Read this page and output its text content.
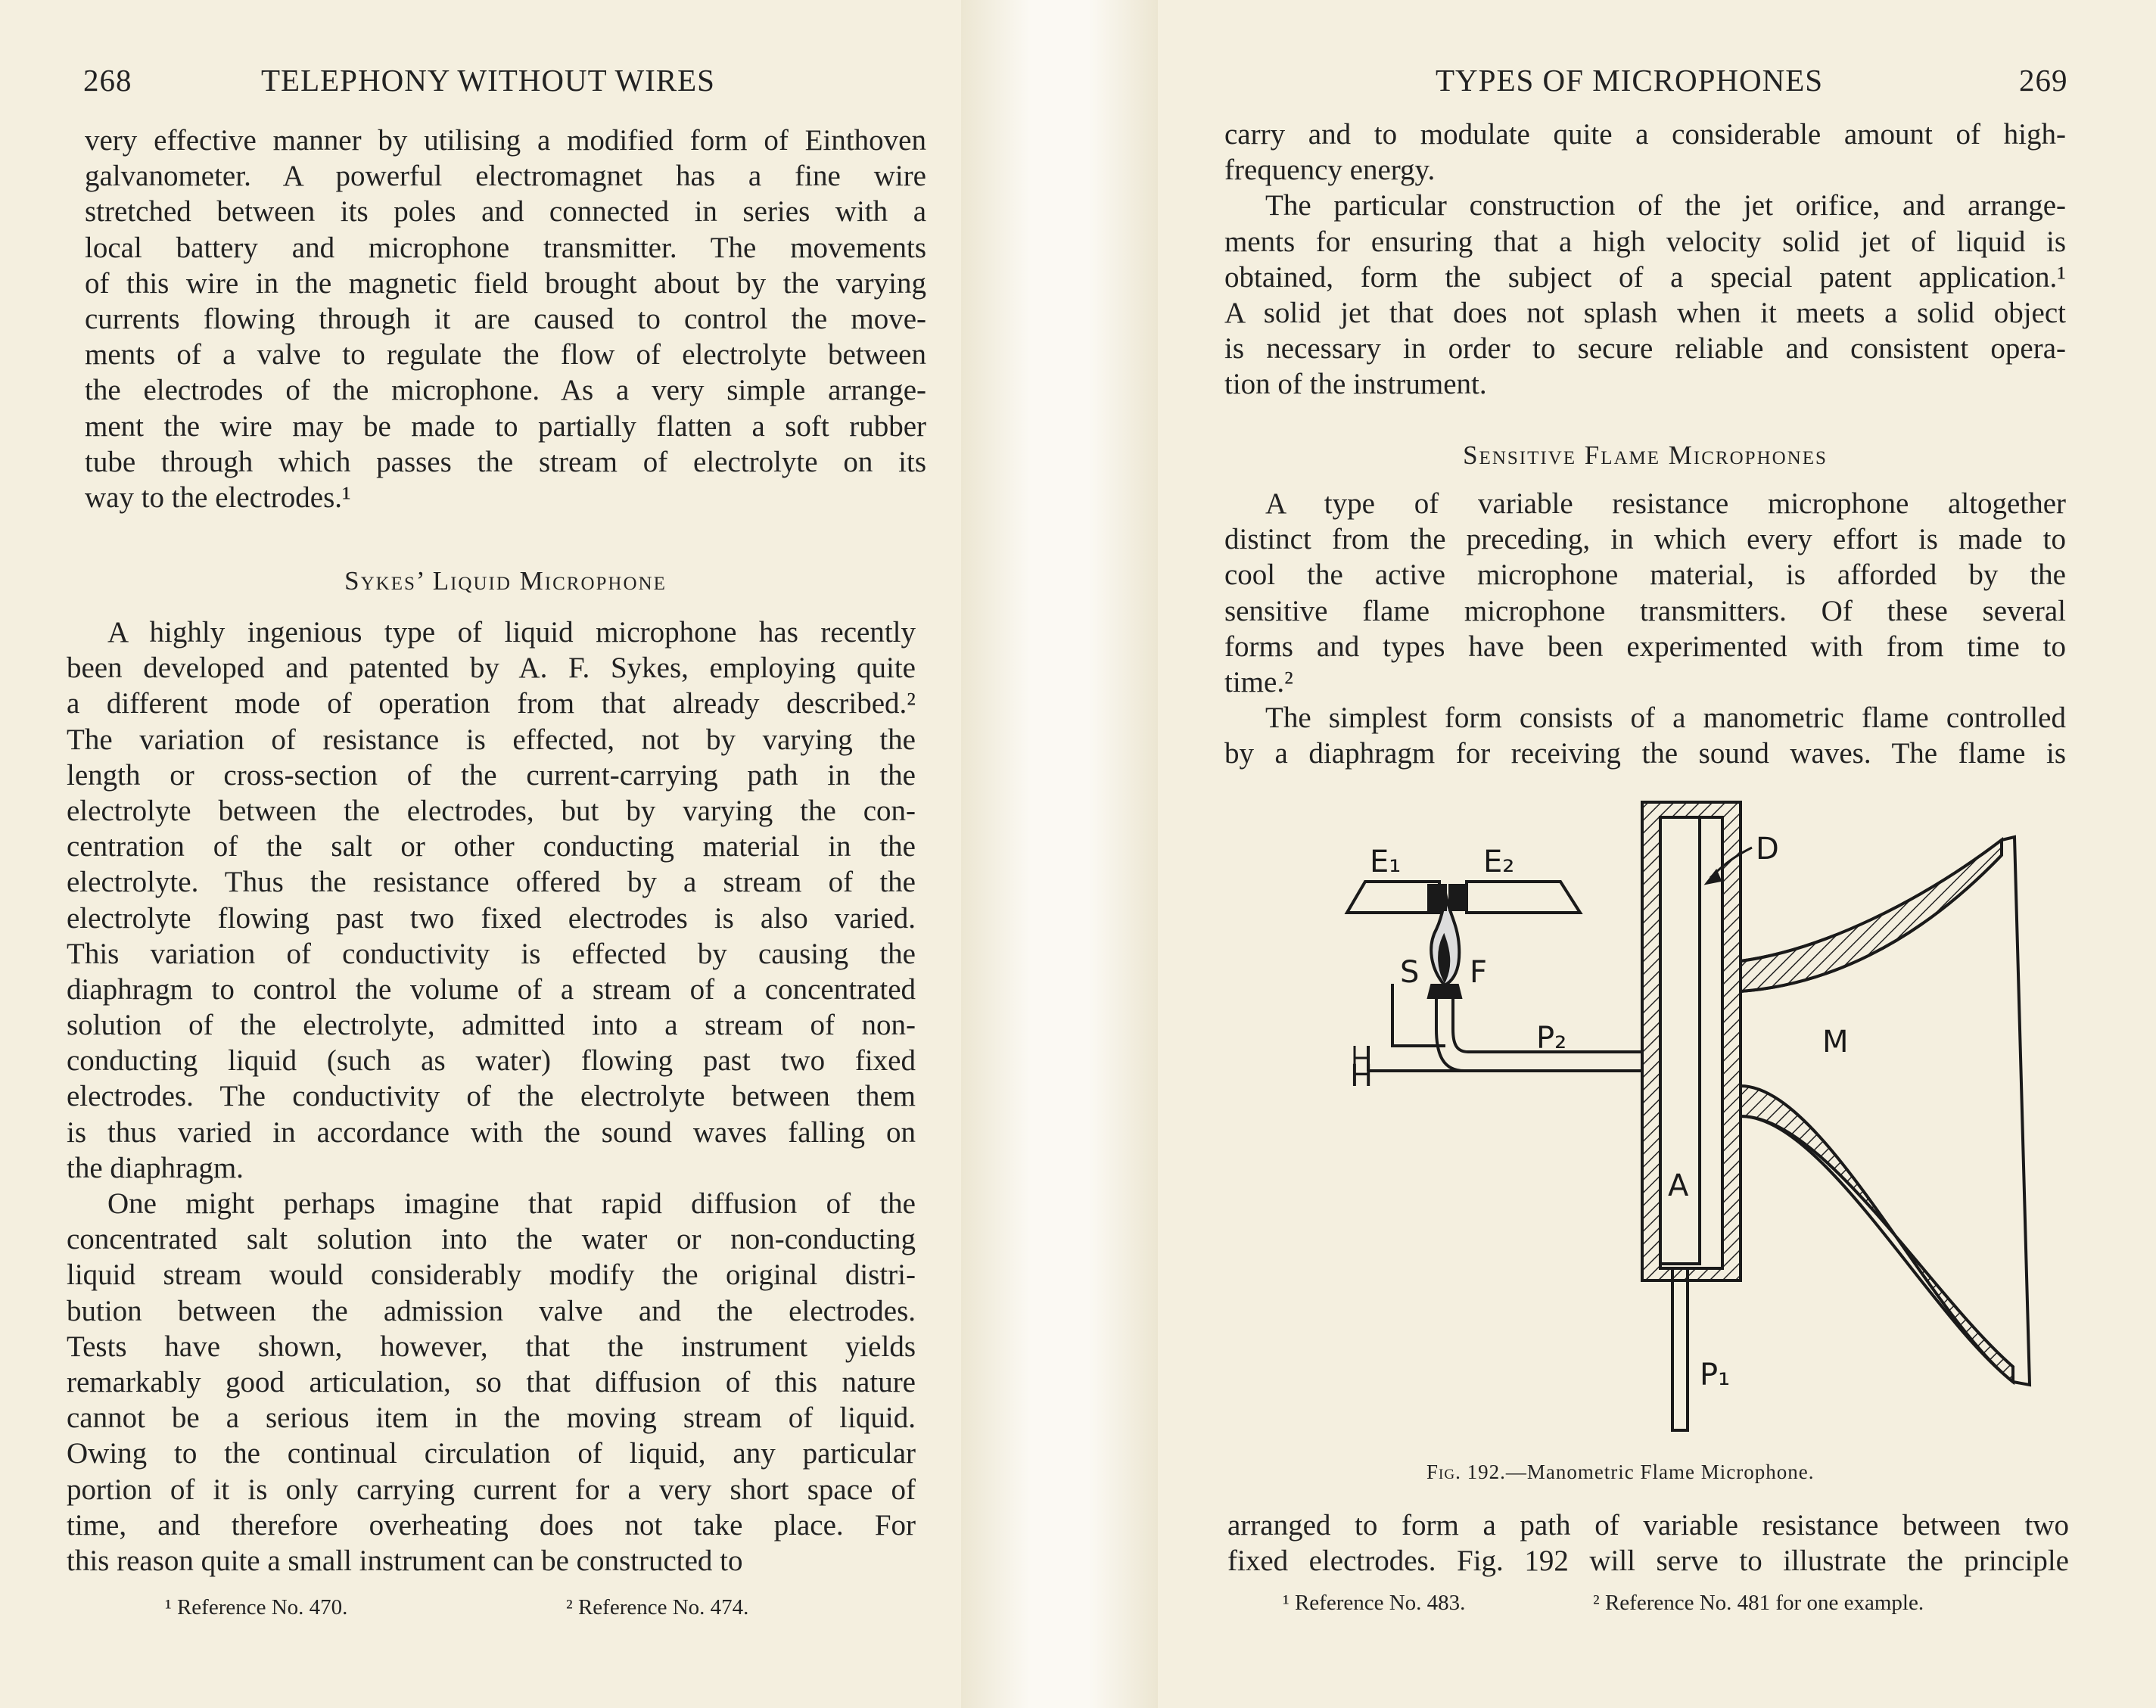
268	TELEPHONY WITHOUT WIRES
very effective manner by utilising a modified form of Einthoven
galvanometer. A powerful electromagnet has a fine wire
stretched between its poles and connected in series with a
local battery and microphone transmitter. The movements
of this wire in the magnetic field brought about by the varying
currents flowing through it are caused to control the move-
ments of a valve to regulate the flow of electrolyte between
the electrodes of the microphone. As a very simple arrange-
ment the wire may be made to partially flatten a soft rubber
tube through which passes the stream of electrolyte on its
way to the electrodes.¹
Sykes’ Liquid Microphone
A highly ingenious type of liquid microphone has recently
been developed and patented by A. F. Sykes, employing quite
a different mode of operation from that already described.²
The variation of resistance is effected, not by varying the
length or cross-section of the current-carrying path in the
electrolyte between the electrodes, but by varying the con-
centration of the salt or other conducting material in the
electrolyte. Thus the resistance offered by a stream of the
electrolyte flowing past two fixed electrodes is also varied.
This variation of conductivity is effected by causing the
diaphragm to control the volume of a stream of a concentrated
solution of the electrolyte, admitted into a stream of non-
conducting liquid (such as water) flowing past two fixed
electrodes. The conductivity of the electrolyte between them
is thus varied in accordance with the sound waves falling on
the diaphragm.
One might perhaps imagine that rapid diffusion of the
concentrated salt solution into the water or non-conducting
liquid stream would considerably modify the original distri-
bution between the admission valve and the electrodes.
Tests have shown, however, that the instrument yields
remarkably good articulation, so that diffusion of this nature
cannot be a serious item in the moving stream of liquid.
Owing to the continual circulation of liquid, any particular
portion of it is only carrying current for a very short space of
time, and therefore overheating does not take place. For
this reason quite a small instrument can be constructed to
¹ Reference No. 470.	² Reference No. 474.
TYPES OF MICROPHONES	269
carry and to modulate quite a considerable amount of high-
frequency energy.
The particular construction of the jet orifice, and arrange-
ments for ensuring that a high velocity solid jet of liquid is
obtained, form the subject of a special patent application.¹
A solid jet that does not splash when it meets a solid object
is necessary in order to secure reliable and consistent opera-
tion of the instrument.
Sensitive Flame Microphones
A type of variable resistance microphone altogether
distinct from the preceding, in which every effort is made to
cool the active microphone material, is afforded by the
sensitive flame microphone transmitters. Of these several
forms and types have been experimented with from time to
time.²
The simplest form consists of a manometric flame controlled
by a diaphragm for receiving the sound waves. The flame is
E₁	E₂	D
S F
P₂
H
M
A
P₁
Fig. 192.—Manometric Flame Microphone.
arranged to form a path of variable resistance between two
fixed electrodes. Fig. 192 will serve to illustrate the principle
¹ Reference No. 483.	² Reference No. 481 for one example.
